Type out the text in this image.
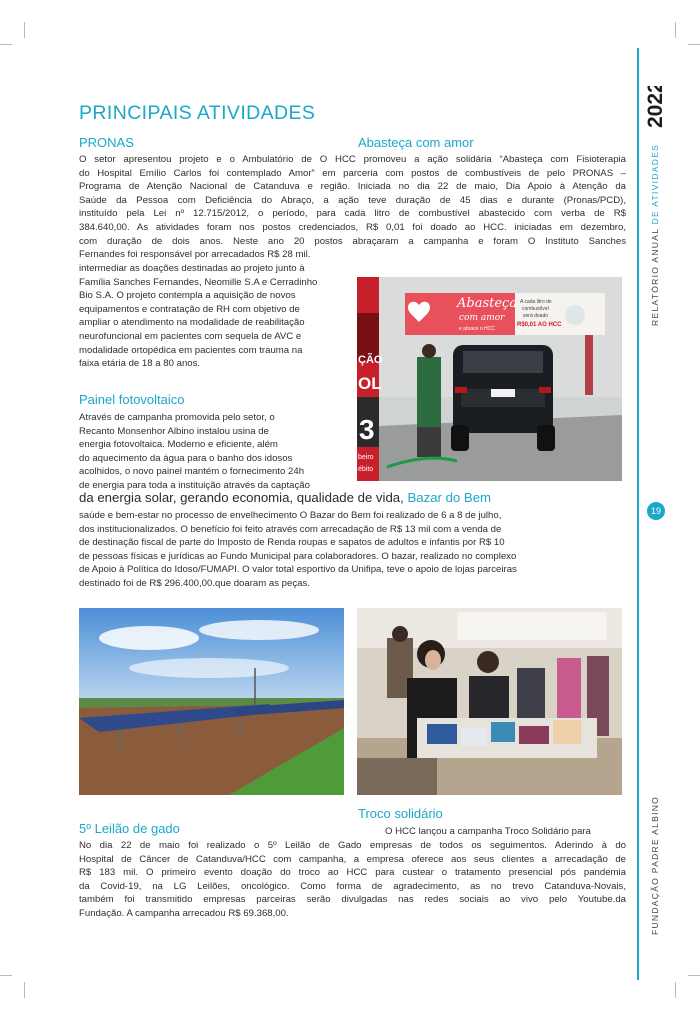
2022
RELATÓRIO ANUAL DE ATIVIDADES
19
FUNDAÇÃO PADRE ALBINO
PRINCIPAIS ATIVIDADES
PRONAS	Abasteça com amor
O setor apresentou projeto e o Ambulatório de O HCC promoveu a ação solidária “Abasteça com Fisioterapia
do Hospital Emílio Carlos foi contemplado Amor” em parceria com postos de combustíveis de pelo PRONAS –
Programa de Atenção Nacional de Catanduva e região. Iniciada no dia 22 de maio, Dia Apoio à Atenção da
Saúde da Pessoa com Deficiência do Abraço, a ação teve duração de 45 dias e durante (Pronas/PCD),
instituído pela Lei nº 12.715/2012, o período, para cada litro de combustível abastecido com verba de R$
384.640,00. As atividades foram nos postos credenciados, R$ 0,01 foi doado ao HCC. iniciadas em dezembro,
com duração de dois anos. Neste ano 20 postos abraçaram a campanha e foram O Instituto Sanches
Fernandes foi responsável por arrecadados R$ 28 mil.
intermediar as doações destinadas ao projeto junto à
Família Sanches Fernandes, Neomille S.A e Cerradinho
Bio S.A. O projeto contempla a aquisição de novos
equipamentos e contratação de RH com objetivo de
ampliar o atendimento na modalidade de reabilitação
neurofuncional em pacientes com sequela de AVC e
modalidade ortopédica em pacientes com trauma na
faixa etária de 18 a 80 anos.
Painel fotovoltaico
Através de campanha promovida pelo setor, o
Recanto Monsenhor Albino instalou usina de
energia fotovoltaica. Moderno e eficiente, além
do aquecimento da água para o banho dos idosos
acolhidos, o novo painel mantém o fornecimento 24h
de energia para toda a instituição através da captação
da energia solar, gerando economia, qualidade de vida, Bazar do Bem
saúde e bem-estar no processo de envelhecimento O Bazar do Bem foi realizado de 6 a 8 de julho,
dos institucionalizados. O benefício foi feito através com arrecadação de R$ 13 mil com a venda de
de destinação fiscal de parte do Imposto de Renda roupas e sapatos de adultos e infantis por R$ 10
de pessoas físicas e jurídicas ao Fundo Municipal para colaboradores. O bazar, realizado no complexo
de Apoio à Política do Idoso/FUMAPI. O valor total esportivo da Unifipa, teve o apoio de lojas parceiras
destinado foi de R$ 296.400,00.que doaram as peças.
Abasteça
com amor
e abrace o HCC
A cada litro de
combustível
será doado
R$0,01 AO HCC
ÇÃO
OL
3
beiro
ébito
Troco solidário
5º Leilão de gado	O HCC lançou a campanha Troco Solidário para
No dia 22 de maio foi realizado o 5º Leilão de Gado empresas de todos os seguimentos. Aderindo à do
Hospital de Câncer de Catanduva/HCC com campanha, a empresa oferece aos seus clientes a arrecadação de
R$ 183 mil. O primeiro evento doação do troco ao HCC para custear o tratamento presencial pós pandemia
da Covid-19, na LG Leilões, oncológico. Como forma de agradecimento, as no trevo Catanduva-Novais,
também foi transmitido empresas parceiras serão divulgadas nas redes sociais ao vivo pelo Youtube.da
Fundação. A campanha arrecadou R$ 69.368,00.
